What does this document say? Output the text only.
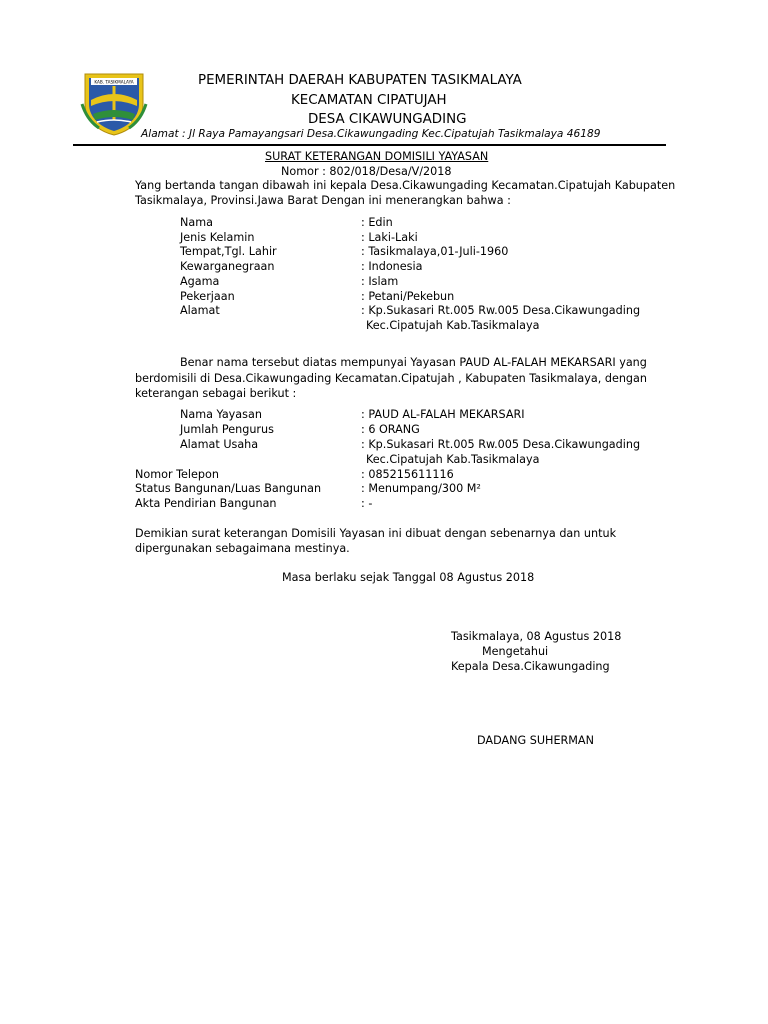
KAB. TASIKMALAYA	PEMERINTAH DAERAH KABUPATEN TASIKMALAYA
KECAMATAN CIPATUJAH
DESA CIKAWUNGADING
Alamat : Jl Raya Pamayangsari Desa.Cikawungading Kec.Cipatujah Tasikmalaya 46189
SURAT KETERANGAN DOMISILI YAYASAN
Nomor : 802/018/Desa/V/2018
Yang bertanda tangan dibawah ini kepala Desa.Cikawungading Kecamatan.Cipatujah Kabupaten
Tasikmalaya, Provinsi.Jawa Barat Dengan ini menerangkan bahwa :
Nama	: Edin
Jenis Kelamin	: Laki-Laki
Tempat,Tgl. Lahir	: Tasikmalaya,01-Juli-1960
Kewarganegraan	: Indonesia
Agama	: Islam
Pekerjaan	: Petani/Pekebun
Alamat	: Kp.Sukasari Rt.005 Rw.005 Desa.Cikawungading
Kec.Cipatujah Kab.Tasikmalaya
Benar nama tersebut diatas mempunyai Yayasan PAUD AL-FALAH MEKARSARI yang
berdomisili di Desa.Cikawungading Kecamatan.Cipatujah , Kabupaten Tasikmalaya, dengan
keterangan sebagai berikut :
Nama Yayasan	: PAUD AL-FALAH MEKARSARI
Jumlah Pengurus	: 6 ORANG
Alamat Usaha	: Kp.Sukasari Rt.005 Rw.005 Desa.Cikawungading
Kec.Cipatujah Kab.Tasikmalaya
Nomor Telepon	: 085215611116
Status Bangunan/Luas Bangunan	: Menumpang/300 M²
Akta Pendirian Bangunan	: -
Demikian surat keterangan Domisili Yayasan ini dibuat dengan sebenarnya dan untuk
dipergunakan sebagaimana mestinya.
Masa berlaku sejak Tanggal 08 Agustus 2018
Tasikmalaya, 08 Agustus 2018
Mengetahui
Kepala Desa.Cikawungading
DADANG SUHERMAN
